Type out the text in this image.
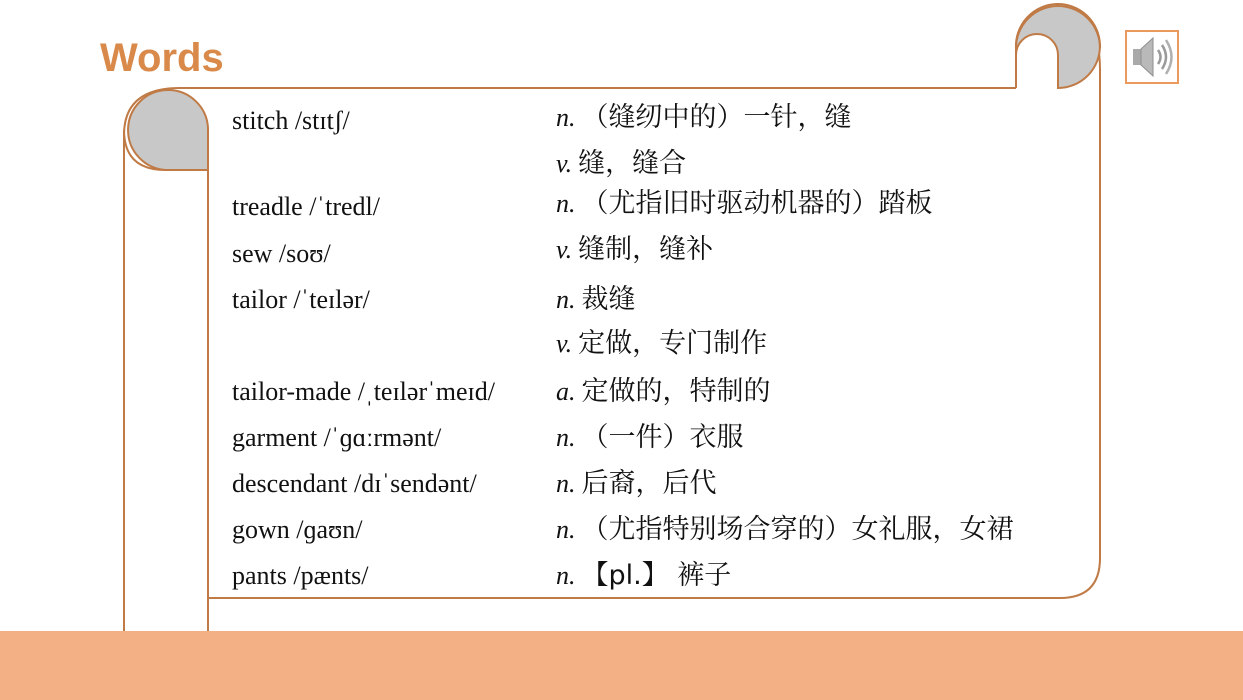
Words
stitch /stɪtʃ/	n. （缝纫中的）一针，缝
v. 缝，缝合
treadle /ˈtredl/	n. （尤指旧时驱动机器的）踏板
sew /soʊ/	v. 缝制，缝补
tailor /ˈteɪlər/	n. 裁缝
v. 定做，专门制作
tailor-made /ˌteɪlərˈmeɪd/ a. 定做的，特制的
garment /ˈɡɑːrmənt/	n. （一件）衣服
descendant /dɪˈsendənt/	n. 后裔，后代
gown /ɡaʊn/	n. （尤指特别场合穿的）女礼服，女裙
pants /pænts/	n. 【pl.】 裤子
